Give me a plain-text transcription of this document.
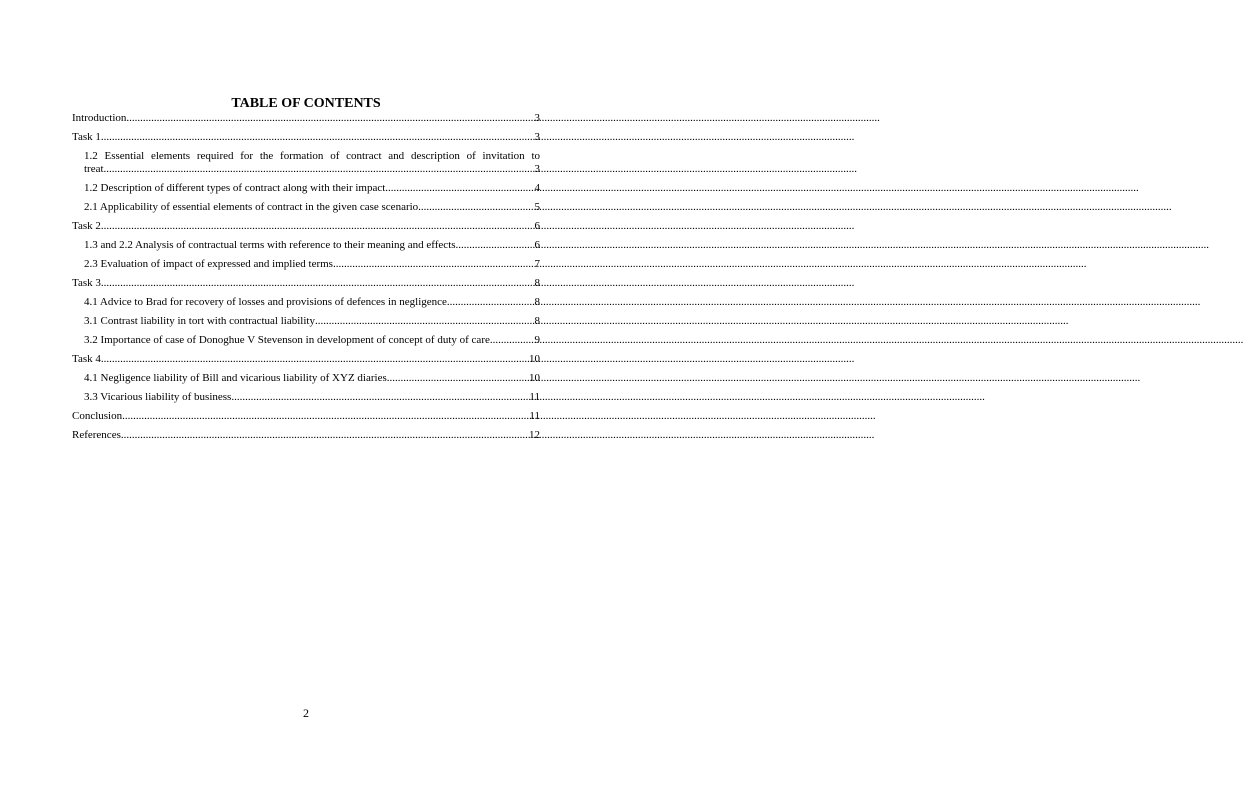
TABLE OF CONTENTS
Introduction .....	3
Task 1 .....	3
1.2 Essential elements required for the formation of contract and description of invitation to
treat .....	3
1.2 Description of different types of contract along with their impact .....	4
2.1 Applicability of essential elements of contract in the given case scenario .....	5
Task 2 .....	6
1.3 and 2.2 Analysis of contractual terms with reference to their meaning and effects .....	6
2.3 Evaluation of impact of expressed and implied terms .....	7
Task 3 .....	8
4.1 Advice to Brad for recovery of losses and provisions of defences in negligence .....	8
3.1 Contrast liability in tort with contractual liability .....	8
3.2 Importance of case of Donoghue V Stevenson in development of concept of duty of care .....	9
Task 4 .....	10
4.1 Negligence liability of Bill and vicarious liability of XYZ diaries .....	10
3.3 Vicarious liability of business .....	11
Conclusion .....	11
References .....	12
2
